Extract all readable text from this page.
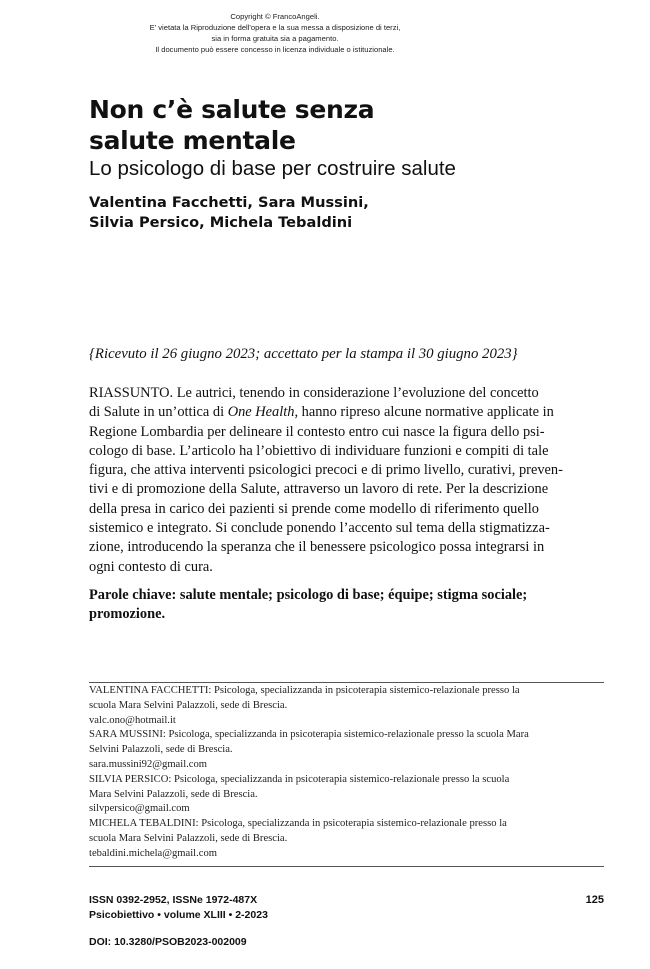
Copyright © FrancoAngeli.
E’ vietata la Riproduzione dell'opera e la sua messa a disposizione di terzi,
sia in forma gratuita sia a pagamento.
Il documento può essere concesso in licenza individuale o istituzionale.
Non c’è salute senza
salute mentale
Lo psicologo di base per costruire salute
Valentina Facchetti, Sara Mussini,
Silvia Persico, Michela Tebaldini
{Ricevuto il 26 giugno 2023; accettato per la stampa il 30 giugno 2023}
RIASSUNTO. Le autrici, tenendo in considerazione l’evoluzione del concetto
di Salute in un’ottica di One Health, hanno ripreso alcune normative applicate in
Regione Lombardia per delineare il contesto entro cui nasce la figura dello psi-
cologo di base. L’articolo ha l’obiettivo di individuare funzioni e compiti di tale
figura, che attiva interventi psicologici precoci e di primo livello, curativi, preven-
tivi e di promozione della Salute, attraverso un lavoro di rete. Per la descrizione
della presa in carico dei pazienti si prende come modello di riferimento quello
sistemico e integrato. Si conclude ponendo l’accento sul tema della stigmatizza-
zione, introducendo la speranza che il benessere psicologico possa integrarsi in
ogni contesto di cura.
Parole chiave: salute mentale; psicologo di base; équipe; stigma sociale;
promozione.
VALENTINA FACCHETTI: Psicologa, specializzanda in psicoterapia sistemico-relazionale presso la
scuola Mara Selvini Palazzoli, sede di Brescia.
valc.ono@hotmail.it
SARA MUSSINI: Psicologa, specializzanda in psicoterapia sistemico-relazionale presso la scuola Mara
Selvini Palazzoli, sede di Brescia.
sara.mussini92@gmail.com
SILVIA PERSICO: Psicologa, specializzanda in psicoterapia sistemico-relazionale presso la scuola
Mara Selvini Palazzoli, sede di Brescia.
silvpersico@gmail.com
MICHELA TEBALDINI: Psicologa, specializzanda in psicoterapia sistemico-relazionale presso la
scuola Mara Selvini Palazzoli, sede di Brescia.
tebaldini.michela@gmail.com
ISSN 0392-2952, ISSNe 1972-487X
Psicobiettivo • volume XLIII • 2-2023
125
DOI: 10.3280/PSOB2023-002009
